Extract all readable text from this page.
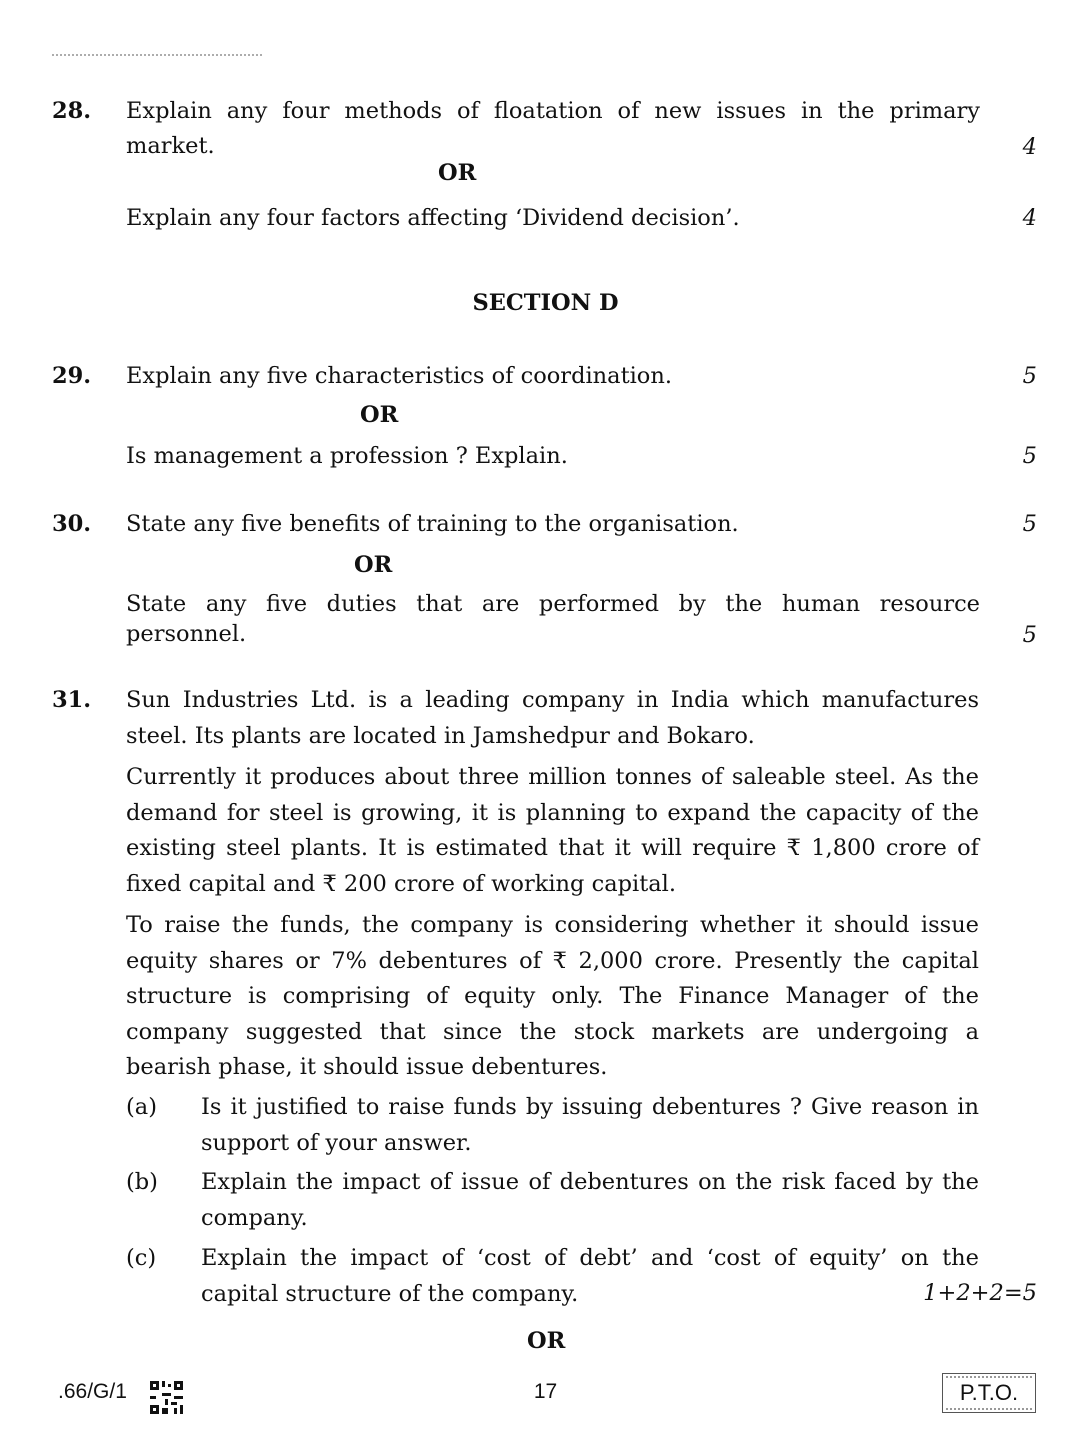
28. Explain any four methods of floatation of new issues in the primary
market.	4
OR
Explain any four factors affecting ‘Dividend decision’.	4
SECTION D
29. Explain any five characteristics of coordination.	5
OR
Is management a profession ? Explain.	5
30. State any five benefits of training to the organisation.	5
OR
State any five duties that are performed by the human resource
personnel.	5
31. Sun Industries Ltd. is a leading company in India which manufactures steel. Its plants are located in Jamshedpur and Bokaro.
Currently it produces about three million tonnes of saleable steel. As the demand for steel is growing, it is planning to expand the capacity of the existing steel plants. It is estimated that it will require ₹ 1,800 crore of fixed capital and ₹ 200 crore of working capital.
To raise the funds, the company is considering whether it should issue equity shares or 7% debentures of ₹ 2,000 crore. Presently the capital structure is comprising of equity only. The Finance Manager of the company suggested that since the stock markets are undergoing a bearish phase, it should issue debentures.
(a) Is it justified to raise funds by issuing debentures ? Give reason in support of your answer.
(b) Explain the impact of issue of debentures on the risk faced by the company.
(c) Explain the impact of ‘cost of debt’ and ‘cost of equity’ on the capital structure of the company.	1+2+2=5
OR
.66/G/1	17	P.T.O.
